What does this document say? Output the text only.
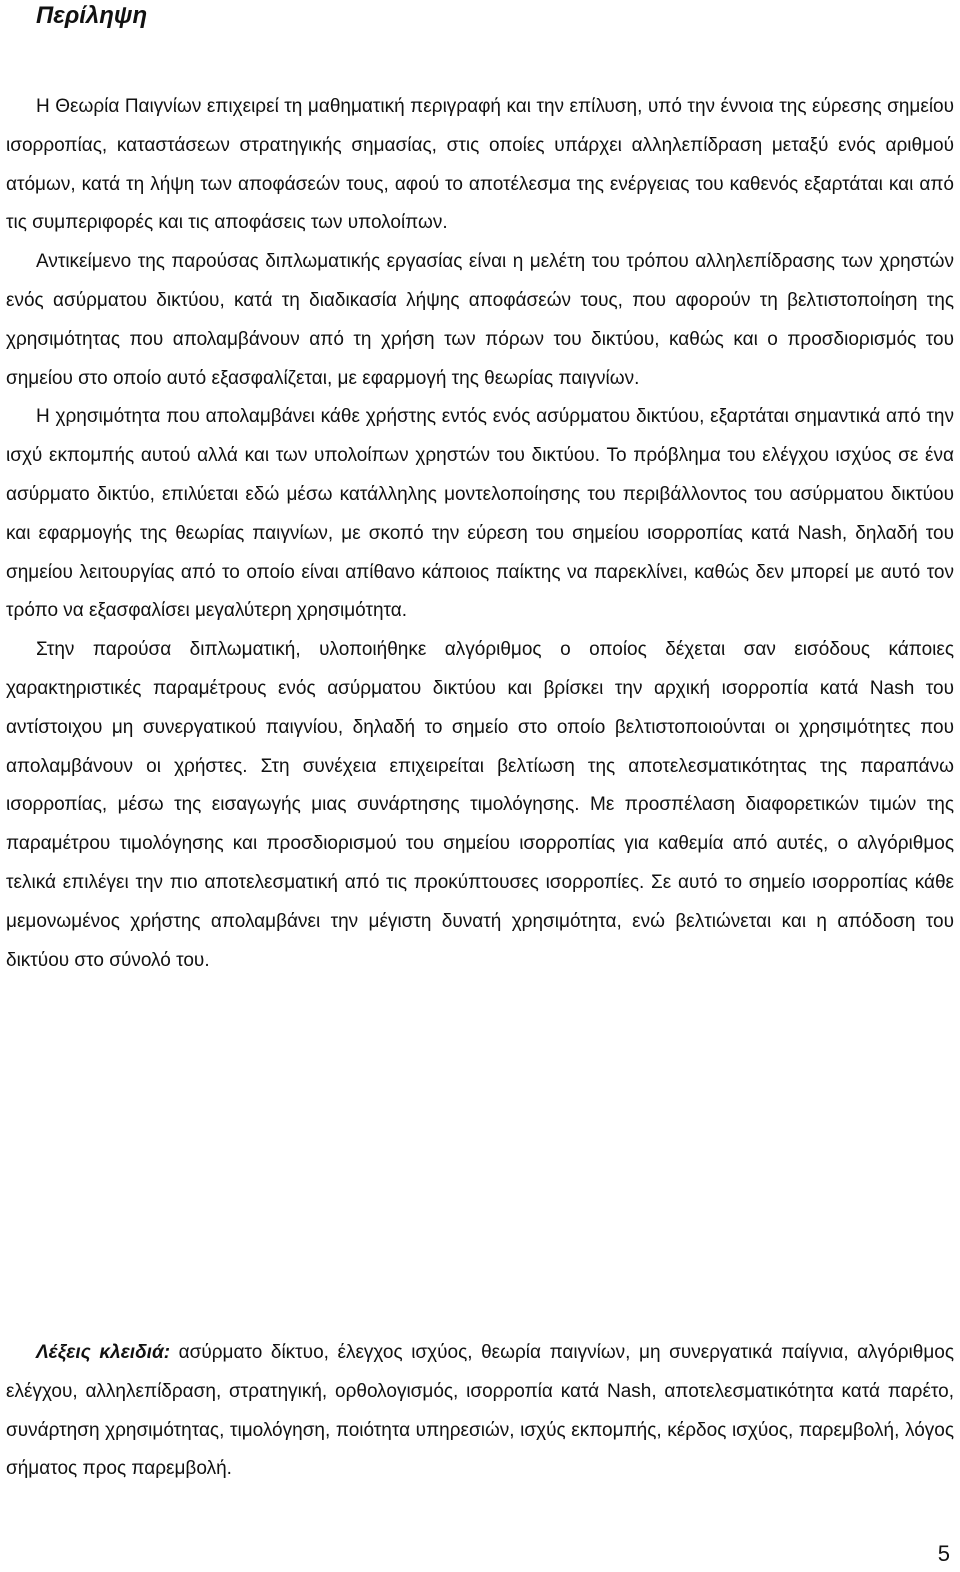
Περίληψη

Η Θεωρία Παιγνίων επιχειρεί τη μαθηματική περιγραφή και την επίλυση, υπό την έννοια της εύρεσης σημείου ισορροπίας, καταστάσεων στρατηγικής σημασίας, στις οποίες υπάρχει αλληλεπίδραση μεταξύ ενός αριθμού ατόμων, κατά τη λήψη των αποφάσεών τους, αφού το αποτέλεσμα της ενέργειας του καθενός εξαρτάται και από τις συμπεριφορές και τις αποφάσεις των υπολοίπων.

Αντικείμενο της παρούσας διπλωματικής εργασίας είναι η μελέτη του τρόπου αλληλεπίδρασης των χρηστών ενός ασύρματου δικτύου, κατά τη διαδικασία λήψης αποφάσεών τους, που αφορούν τη βελτιστοποίηση της χρησιμότητας που απολαμβάνουν από τη χρήση των πόρων του δικτύου, καθώς και ο προσδιορισμός του σημείου στο οποίο αυτό εξασφαλίζεται, με εφαρμογή της θεωρίας παιγνίων.

Η χρησιμότητα που απολαμβάνει κάθε χρήστης εντός ενός ασύρματου δικτύου, εξαρτάται σημαντικά από την ισχύ εκπομπής αυτού αλλά και των υπολοίπων χρηστών του δικτύου. Το πρόβλημα του ελέγχου ισχύος σε ένα ασύρματο δικτύο, επιλύεται εδώ μέσω κατάλληλης μοντελοποίησης του περιβάλλοντος του ασύρματου δικτύου και εφαρμογής της θεωρίας παιγνίων, με σκοπό την εύρεση του σημείου ισορροπίας κατά Nash, δηλαδή του σημείου λειτουργίας από το οποίο είναι απίθανο κάποιος παίκτης να παρεκλίνει, καθώς δεν μπορεί με αυτό τον τρόπο να εξασφαλίσει μεγαλύτερη χρησιμότητα.

Στην παρούσα διπλωματική, υλοποιήθηκε αλγόριθμος ο οποίος δέχεται σαν εισόδους κάποιες χαρακτηριστικές παραμέτρους ενός ασύρματου δικτύου και βρίσκει την αρχική ισορροπία κατά Nash του αντίστοιχου μη συνεργατικού παιγνίου, δηλαδή το σημείο στο οποίο βελτιστοποιούνται οι χρησιμότητες που απολαμβάνουν οι χρήστες. Στη συνέχεια επιχειρείται βελτίωση της αποτελεσματικότητας της παραπάνω ισορροπίας, μέσω της εισαγωγής μιας συνάρτησης τιμολόγησης. Με προσπέλαση διαφορετικών τιμών της παραμέτρου τιμολόγησης και προσδιορισμού του σημείου ισορροπίας για καθεμία από αυτές, ο αλγόριθμος τελικά επιλέγει την πιο αποτελεσματική από τις προκύπτουσες ισορροπίες. Σε αυτό το σημείο ισορροπίας κάθε μεμονωμένος χρήστης απολαμβάνει την μέγιστη δυνατή χρησιμότητα, ενώ βελτιώνεται και η απόδοση του δικτύου στο σύνολό του.

Λέξεις κλειδιά: ασύρματο δίκτυο, έλεγχος ισχύος, θεωρία παιγνίων, μη συνεργατικά παίγνια, αλγόριθμος ελέγχου, αλληλεπίδραση, στρατηγική, ορθολογισμός, ισορροπία κατά Nash, αποτελεσματικότητα κατά παρέτο, συνάρτηση χρησιμότητας, τιμολόγηση, ποιότητα υπηρεσιών, ισχύς εκπομπής, κέρδος ισχύος, παρεμβολή, λόγος σήματος προς παρεμβολή.

5
